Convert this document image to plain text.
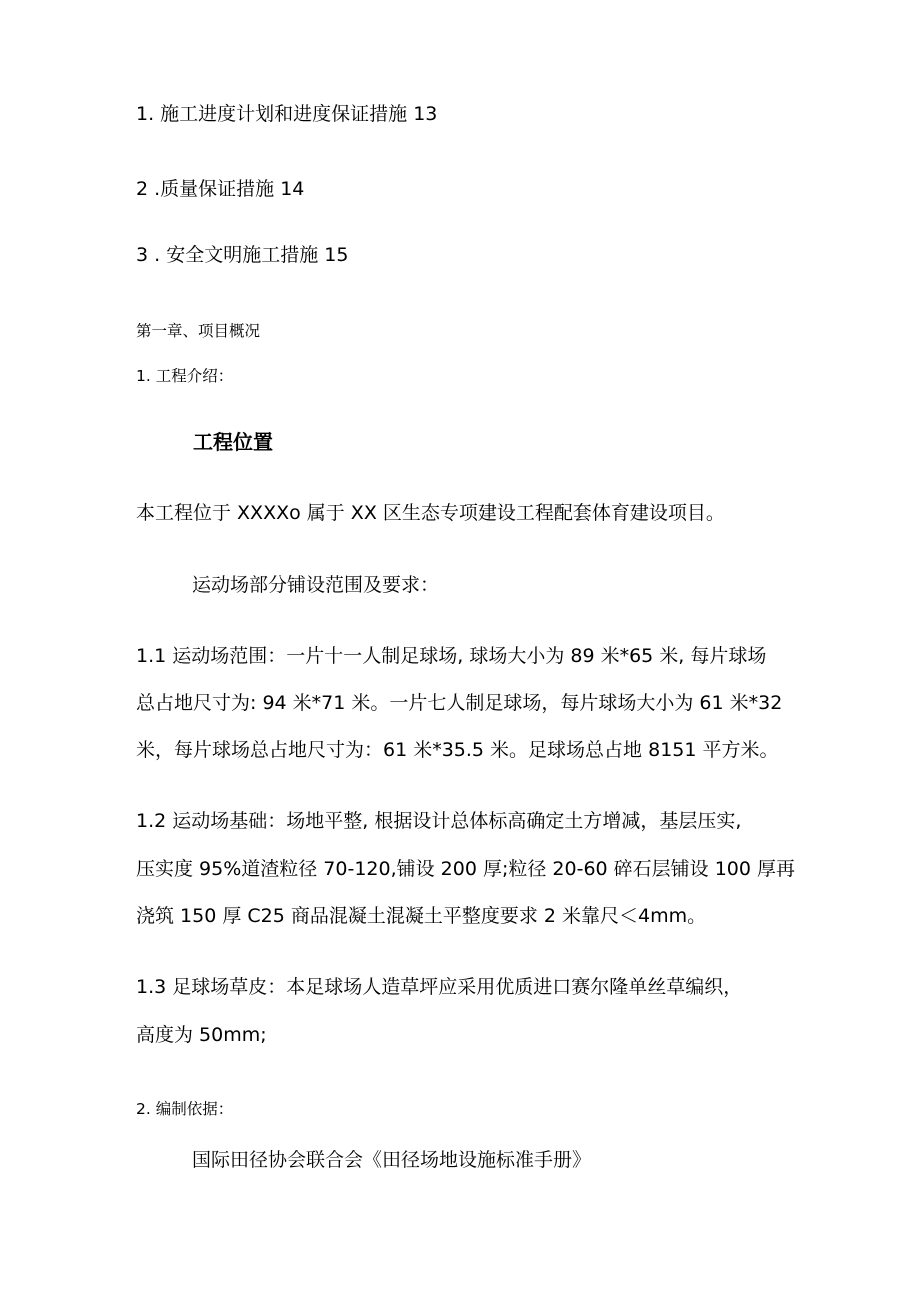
1. 施工进度计划和进度保证措施 13
2 .质量保证措施 14
3 . 安全文明施工措施 15
第一章、项目概况
1. 工程介绍：
工程位置
本工程位于 XXXXo 属于 XX 区生态专项建设工程配套体育建设项目。
运动场部分铺设范围及要求：
1.1 运动场范围：一片十一人制足球场, 球场大小为 89 米*65 米, 每片球场
总占地尺寸为: 94 米*71 米。一片七人制足球场，每片球场大小为 61 米*32
米，每片球场总占地尺寸为：61 米*35.5 米。足球场总占地 8151 平方米。
1.2 运动场基础：场地平整, 根据设计总体标高确定土方增减，基层压实,
压实度 95%道渣粒径 70-120,铺设 200 厚;粒径 20-60 碎石层铺设 100 厚再
浇筑 150 厚 C25 商品混凝土混凝土平整度要求 2 米靠尺＜4mm。
1.3 足球场草皮：本足球场人造草坪应采用优质进口赛尔隆单丝草编织，
高度为 50mm;
2. 编制依据：
国际田径协会联合会《田径场地设施标准手册》
